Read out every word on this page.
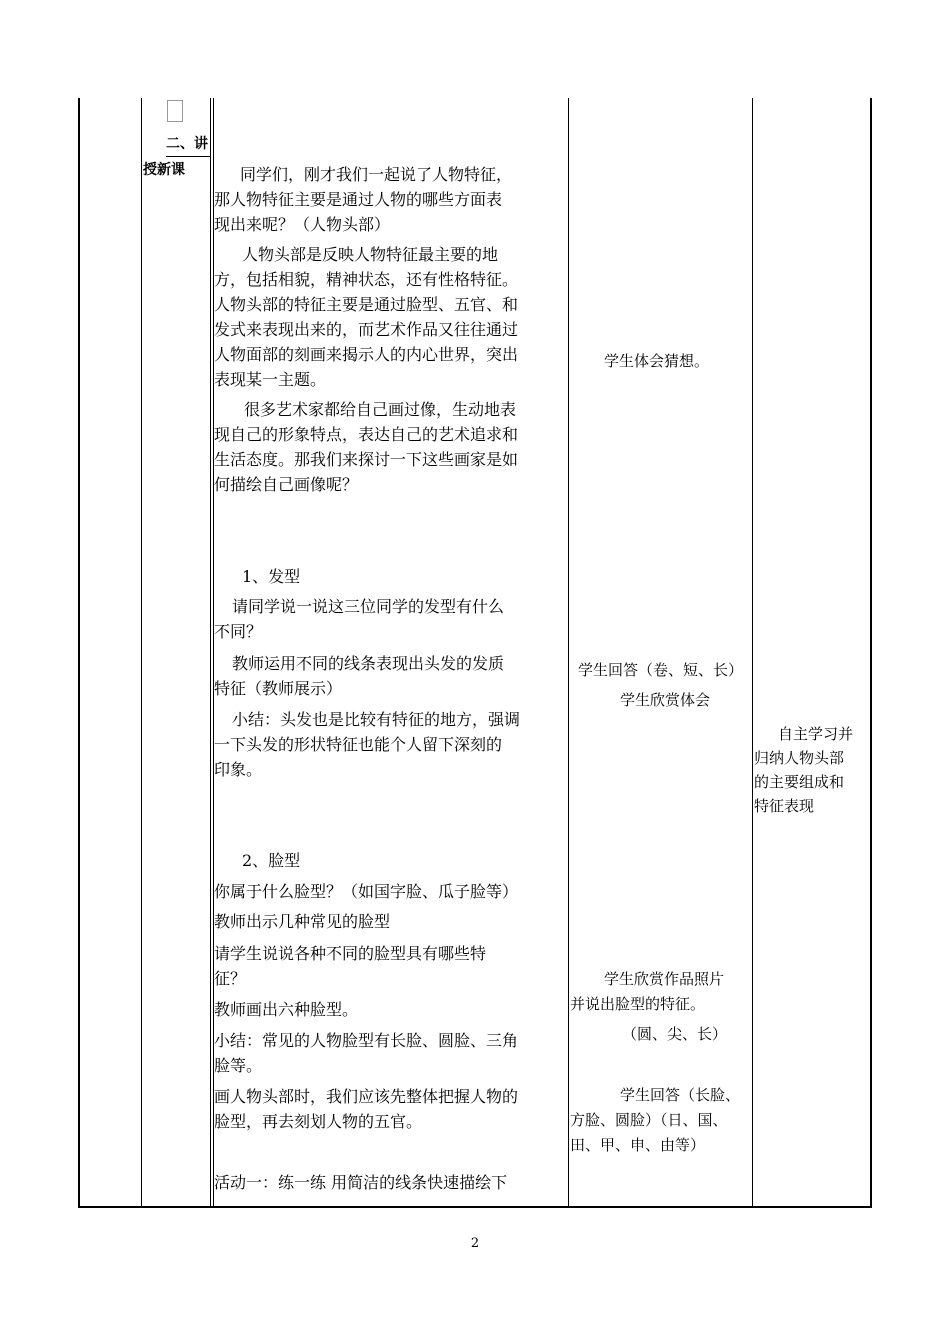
二、讲
授新课	同学们，刚才我们一起说了人物特征，
那人物特征主要是通过人物的哪些方面表
现出来呢？（人物头部）
人物头部是反映人物特征最主要的地
方，包括相貌，精神状态，还有性格特征。
人物头部的特征主要是通过脸型、五官、和
发式来表现出来的，而艺术作品又往往通过
人物面部的刻画来揭示人的内心世界，突出
表现某一主题。
很多艺术家都给自己画过像，生动地表
现自己的形象特点，表达自己的艺术追求和
生活态度。那我们来探讨一下这些画家是如
何描绘自己画像呢？
1、发型
请同学说一说这三位同学的发型有什么
不同？
教师运用不同的线条表现出头发的发质
特征（教师展示）
小结：头发也是比较有特征的地方，强调
一下头发的形状特征也能个人留下深刻的
印象。
2、脸型
你属于什么脸型？（如国字脸、瓜子脸等）
教师出示几种常见的脸型
请学生说说各种不同的脸型具有哪些特
征？
教师画出六种脸型。
小结：常见的人物脸型有长脸、圆脸、三角
脸等。
画人物头部时，我们应该先整体把握人物的
脸型，再去刻划人物的五官。
活动一：练一练 用简洁的线条快速描绘下
学生体会猜想。
学生回答（卷、短、长）
学生欣赏体会
学生欣赏作品照片
并说出脸型的特征。
（圆、尖、长）
学生回答（长脸、
方脸、圆脸）（日、国、
田、甲、申、由等）
自主学习并
归纳人物头部
的主要组成和
特征表现
2
